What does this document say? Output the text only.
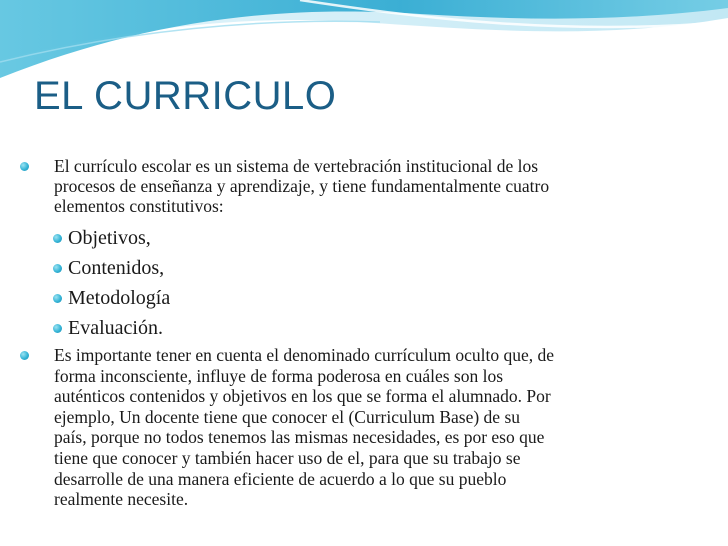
EL CURRICULO
El currículo escolar es un sistema de vertebración institucional de los
procesos de enseñanza y aprendizaje, y tiene fundamentalmente cuatro
elementos constitutivos:
Objetivos,
Contenidos,
Metodología
Evaluación.
Es importante tener en cuenta el denominado currículum oculto que, de
forma inconsciente, influye de forma poderosa en cuáles son los
auténticos contenidos y objetivos en los que se forma el alumnado. Por
ejemplo, Un docente tiene que conocer el (Curriculum Base) de su
país, porque no todos tenemos las mismas necesidades, es por eso que
tiene que conocer y también hacer uso de el, para que su trabajo se
desarrolle de una manera eficiente de acuerdo a lo que su pueblo
realmente necesite.
